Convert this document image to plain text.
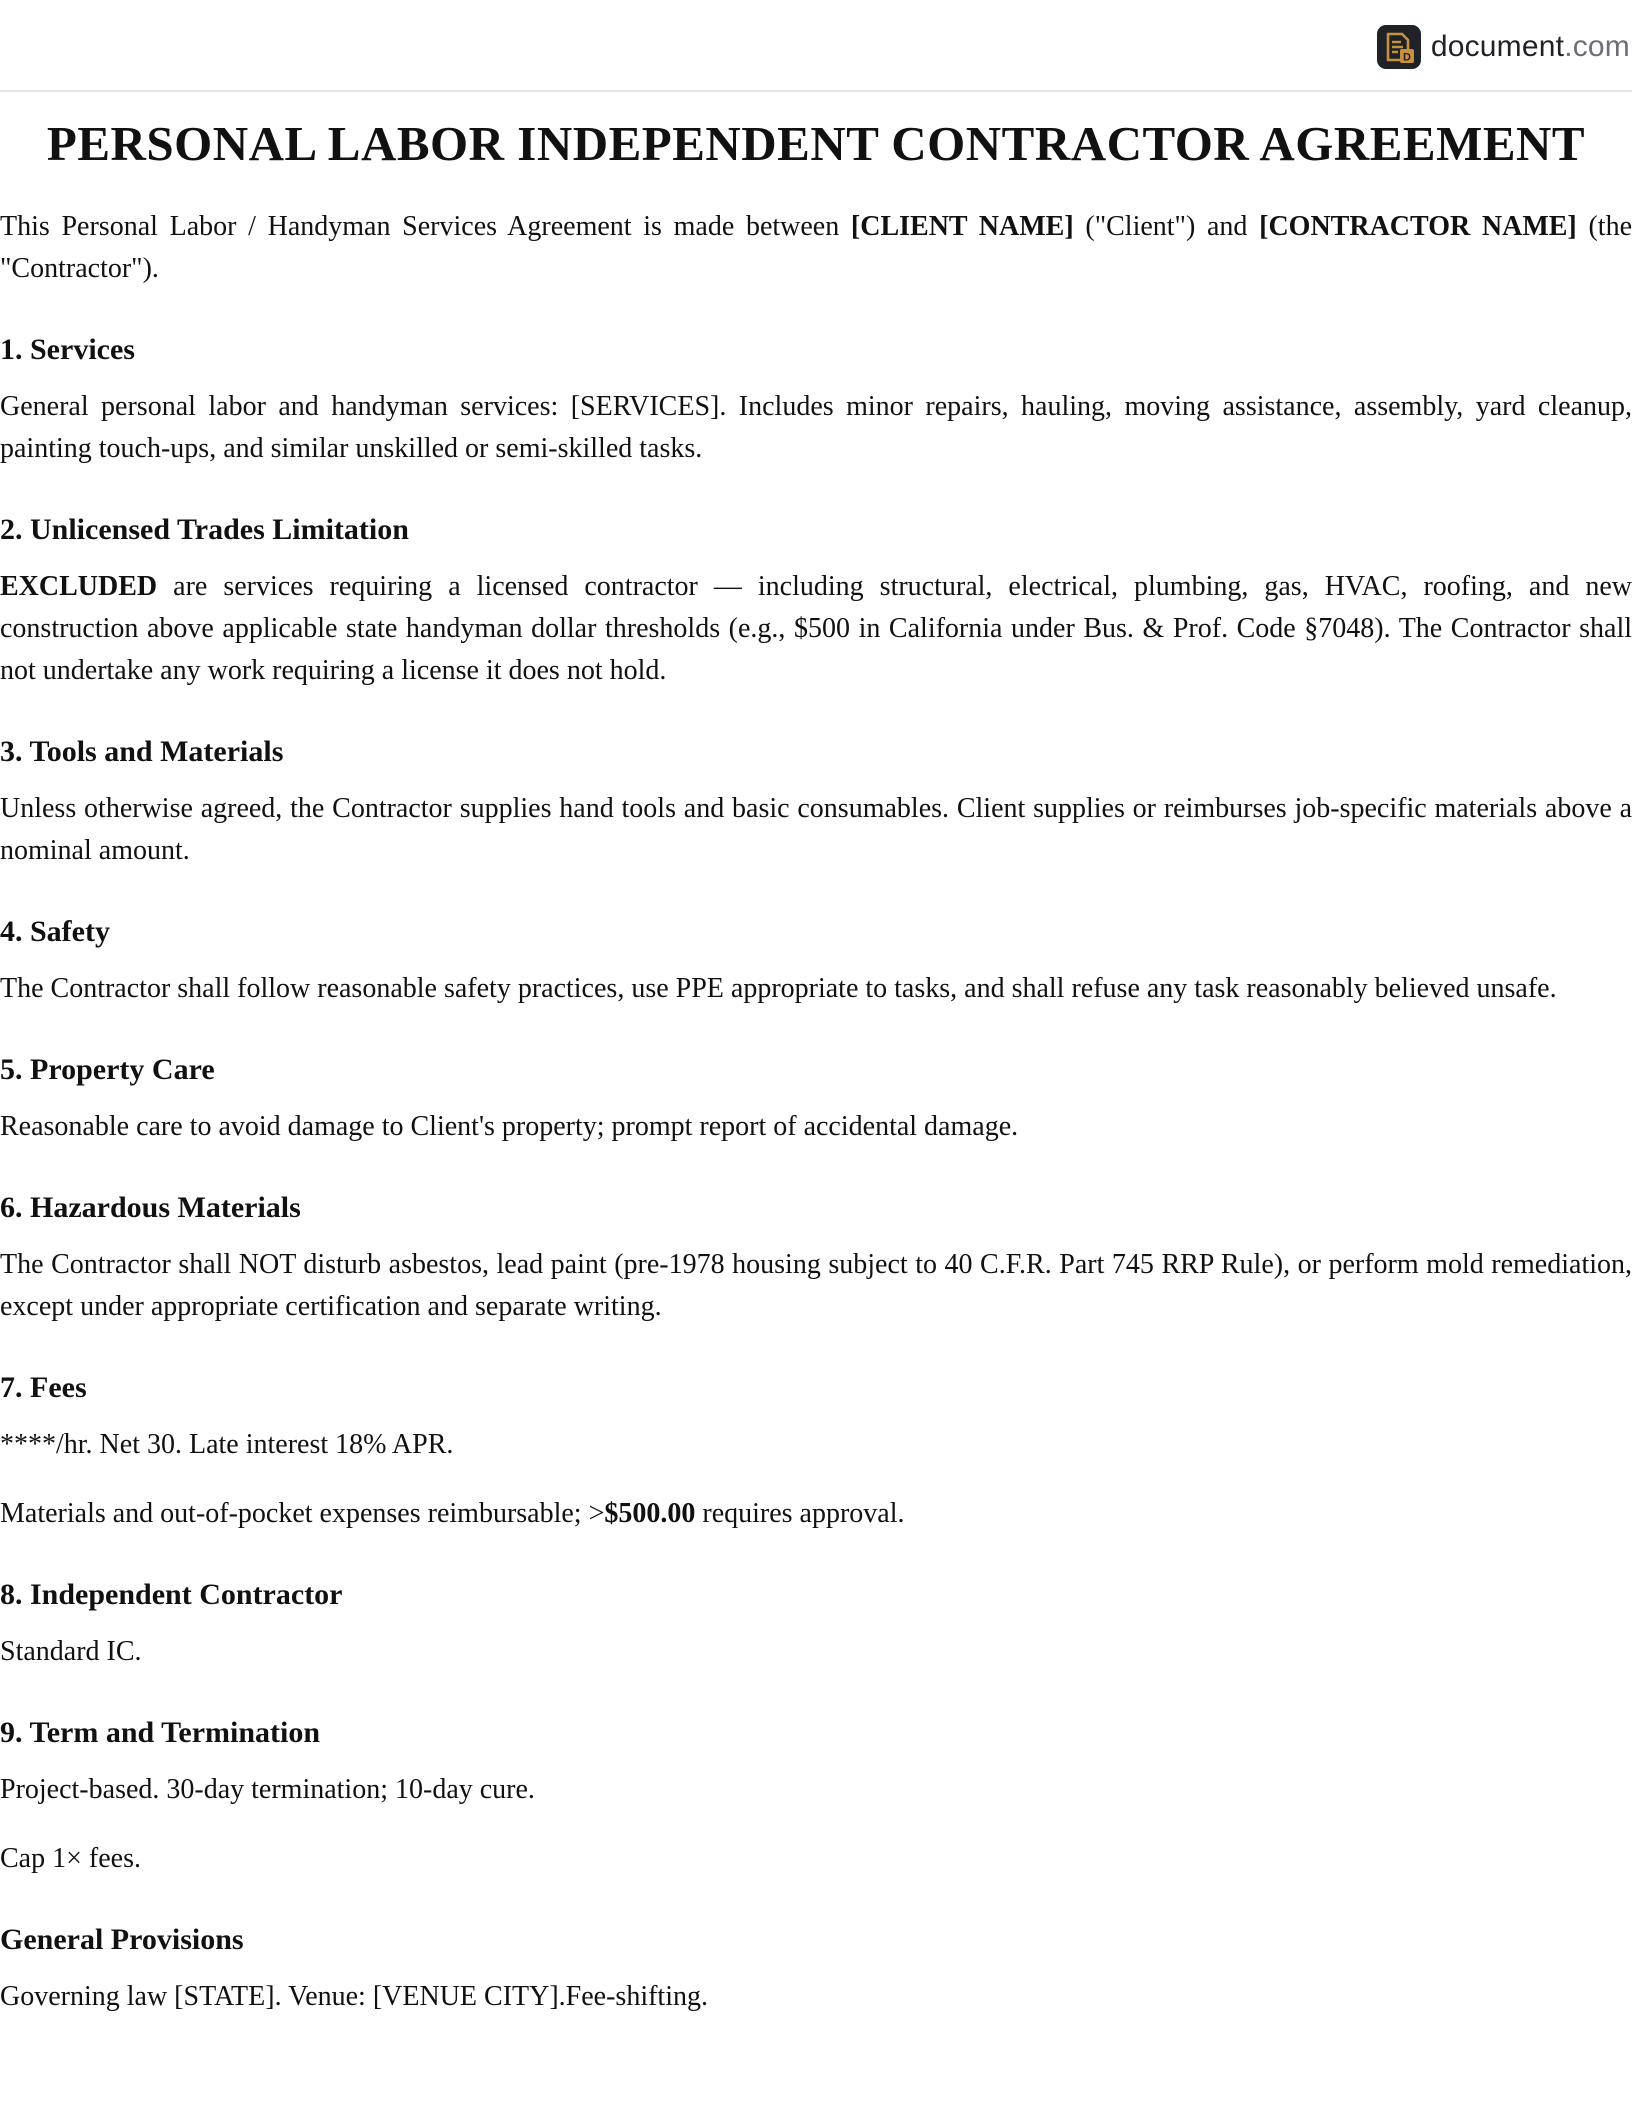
D document.com
PERSONAL LABOR INDEPENDENT CONTRACTOR AGREEMENT

This Personal Labor / Handyman Services Agreement is made between [CLIENT NAME] ("Client") and [CONTRACTOR NAME] (the "Contractor").

1. Services

General personal labor and handyman services: [SERVICES]. Includes minor repairs, hauling, moving assistance, assembly, yard cleanup, painting touch-ups, and similar unskilled or semi-skilled tasks.

2. Unlicensed Trades Limitation

EXCLUDED are services requiring a licensed contractor — including structural, electrical, plumbing, gas, HVAC, roofing, and new construction above applicable state handyman dollar thresholds (e.g., $500 in California under Bus. & Prof. Code §7048). The Contractor shall not undertake any work requiring a license it does not hold.

3. Tools and Materials

Unless otherwise agreed, the Contractor supplies hand tools and basic consumables. Client supplies or reimburses job-specific materials above a nominal amount.

4. Safety

The Contractor shall follow reasonable safety practices, use PPE appropriate to tasks, and shall refuse any task reasonably believed unsafe.

5. Property Care

Reasonable care to avoid damage to Client's property; prompt report of accidental damage.

6. Hazardous Materials

The Contractor shall NOT disturb asbestos, lead paint (pre-1978 housing subject to 40 C.F.R. Part 745 RRP Rule), or perform mold remediation, except under appropriate certification and separate writing.

7. Fees

****/hr. Net 30. Late interest 18% APR.

Materials and out-of-pocket expenses reimbursable; >$500.00 requires approval.

8. Independent Contractor

Standard IC.

9. Term and Termination

Project-based. 30-day termination; 10-day cure.

Cap 1× fees.

General Provisions

Governing law [STATE]. Venue: [VENUE CITY].Fee-shifting.
